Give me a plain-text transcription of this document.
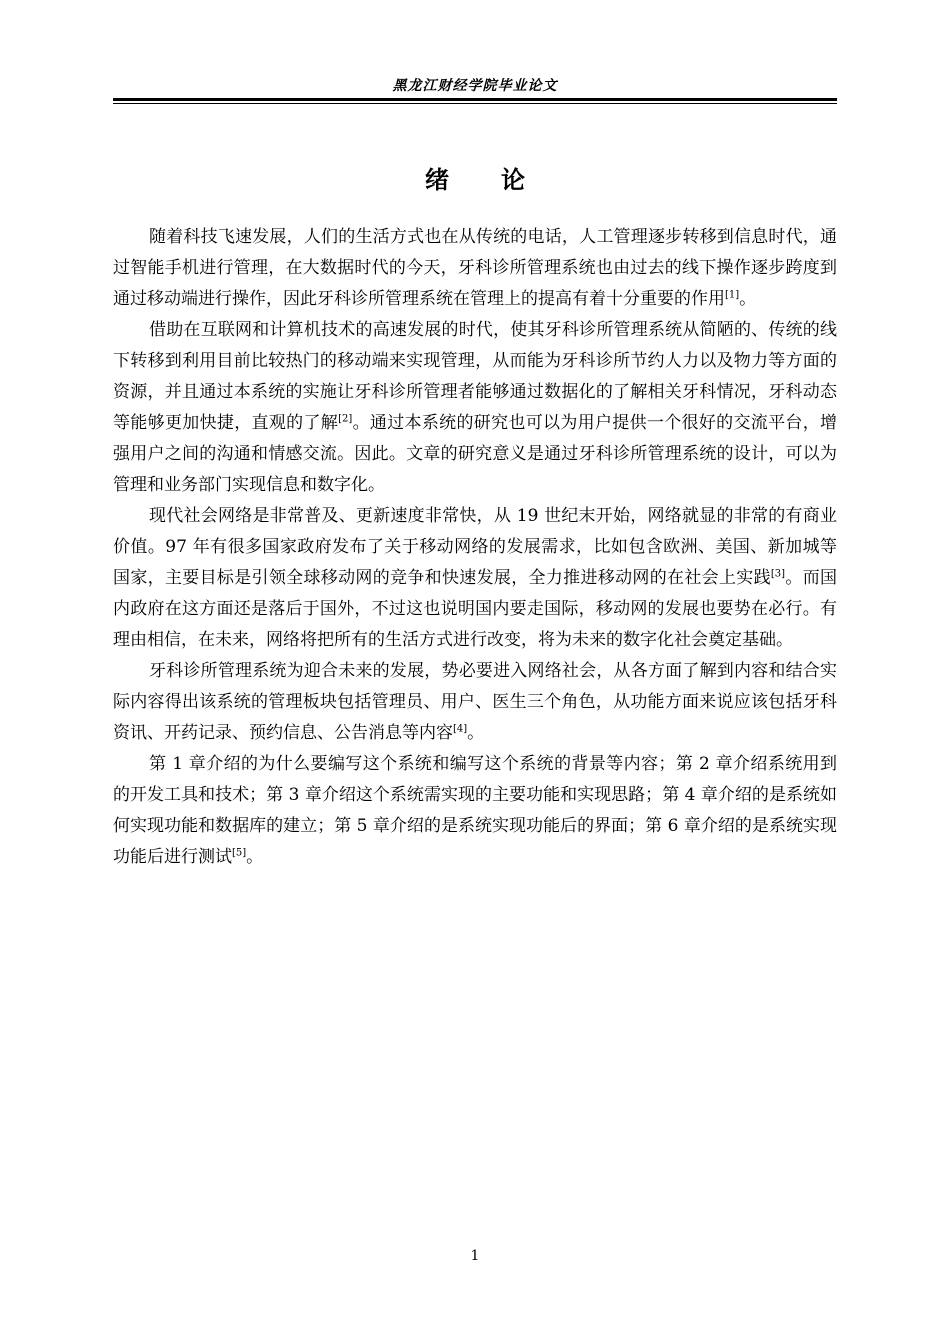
黑龙江财经学院毕业论文
绪 论

随着科技飞速发展，人们的生活方式也在从传统的电话，人工管理逐步转移到信息时代，通过智能手机进行管理，在大数据时代的今天，牙科诊所管理系统也由过去的线下操作逐步跨度到通过移动端进行操作，因此牙科诊所管理系统在管理上的提高有着十分重要的作用[1]。

借助在互联网和计算机技术的高速发展的时代，使其牙科诊所管理系统从简陋的、传统的线下转移到利用目前比较热门的移动端来实现管理，从而能为牙科诊所节约人力以及物力等方面的资源，并且通过本系统的实施让牙科诊所管理者能够通过数据化的了解相关牙科情况，牙科动态等能够更加快捷，直观的了解[2]。通过本系统的研究也可以为用户提供一个很好的交流平台，增强用户之间的沟通和情感交流。因此。文章的研究意义是通过牙科诊所管理系统的设计，可以为管理和业务部门实现信息和数字化。

现代社会网络是非常普及、更新速度非常快，从 19 世纪末开始，网络就显的非常的有商业价值。97 年有很多国家政府发布了关于移动网络的发展需求，比如包含欧洲、美国、新加城等国家，主要目标是引领全球移动网的竞争和快速发展，全力推进移动网的在社会上实践[3]。而国内政府在这方面还是落后于国外，不过这也说明国内要走国际，移动网的发展也要势在必行。有理由相信，在未来，网络将把所有的生活方式进行改变，将为未来的数字化社会奠定基础。

牙科诊所管理系统为迎合未来的发展，势必要进入网络社会，从各方面了解到内容和结合实际内容得出该系统的管理板块包括管理员、用户、医生三个角色，从功能方面来说应该包括牙科资讯、开药记录、预约信息、公告消息等内容[4]。

第 1 章介绍的为什么要编写这个系统和编写这个系统的背景等内容；第 2 章介绍系统用到的开发工具和技术；第 3 章介绍这个系统需实现的主要功能和实现思路；第 4 章介绍的是系统如何实现功能和数据库的建立；第 5 章介绍的是系统实现功能后的界面；第 6 章介绍的是系统实现功能后进行测试[5]。

1
